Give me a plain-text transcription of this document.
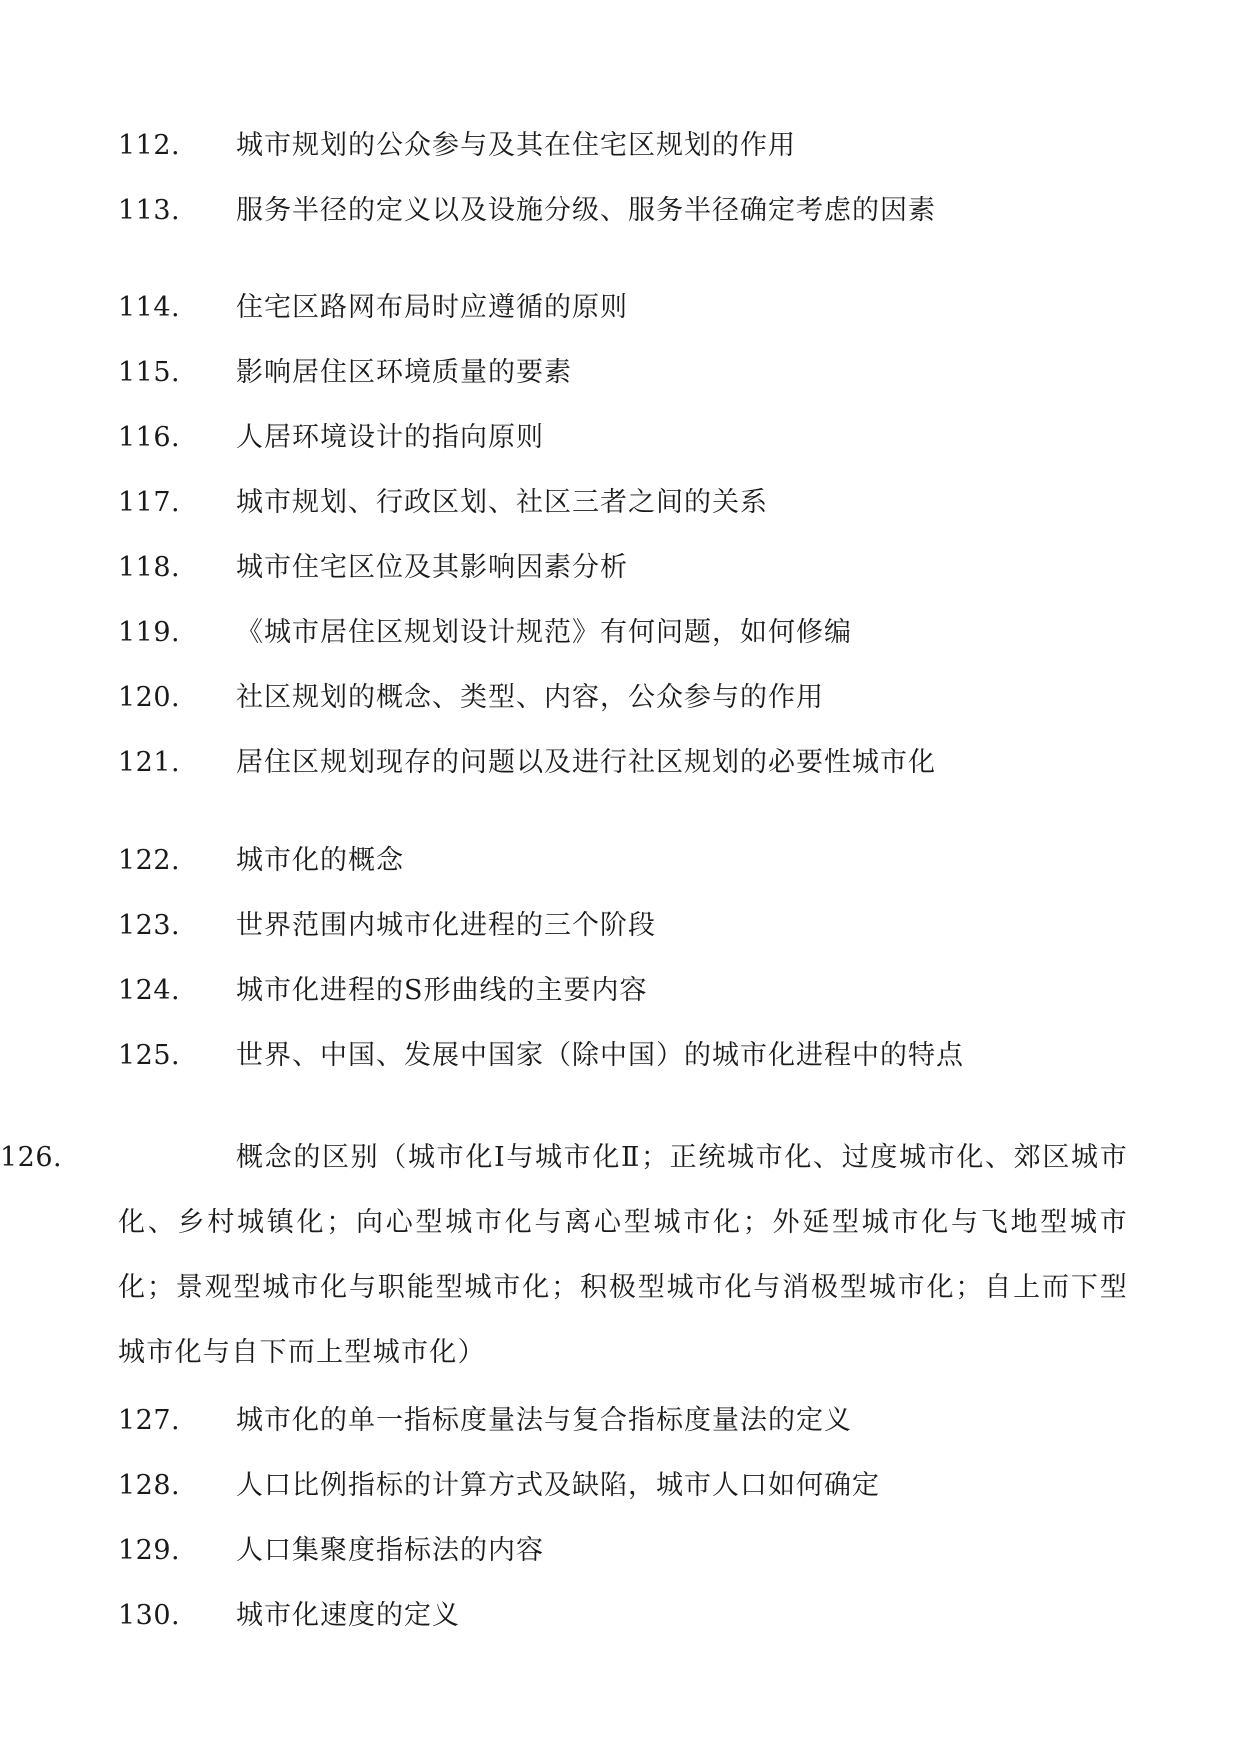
112.	城市规划的公众参与及其在住宅区规划的作用
113.	服务半径的定义以及设施分级、服务半径确定考虑的因素
114.	住宅区路网布局时应遵循的原则
115.	影响居住区环境质量的要素
116.	人居环境设计的指向原则
117.	城市规划、行政区划、社区三者之间的关系
118.	城市住宅区位及其影响因素分析
119.	《城市居住区规划设计规范》有何问题，如何修编
120.	社区规划的概念、类型、内容，公众参与的作用
121.	居住区规划现存的问题以及进行社区规划的必要性城市化
122.	城市化的概念
123.	世界范围内城市化进程的三个阶段
124.	城市化进程的S形曲线的主要内容
125.	世界、中国、发展中国家（除中国）的城市化进程中的特点
126.	概念的区别（城市化Ⅰ与城市化Ⅱ；正统城市化、过度城市化、郊区城市化、乡村城镇化；向心型城市化与离心型城市化；外延型城市化与飞地型城市化；景观型城市化与职能型城市化；积极型城市化与消极型城市化；自上而下型城市化与自下而上型城市化）
127.	城市化的单一指标度量法与复合指标度量法的定义
128.	人口比例指标的计算方式及缺陷，城市人口如何确定
129.	人口集聚度指标法的内容
130.	城市化速度的定义
